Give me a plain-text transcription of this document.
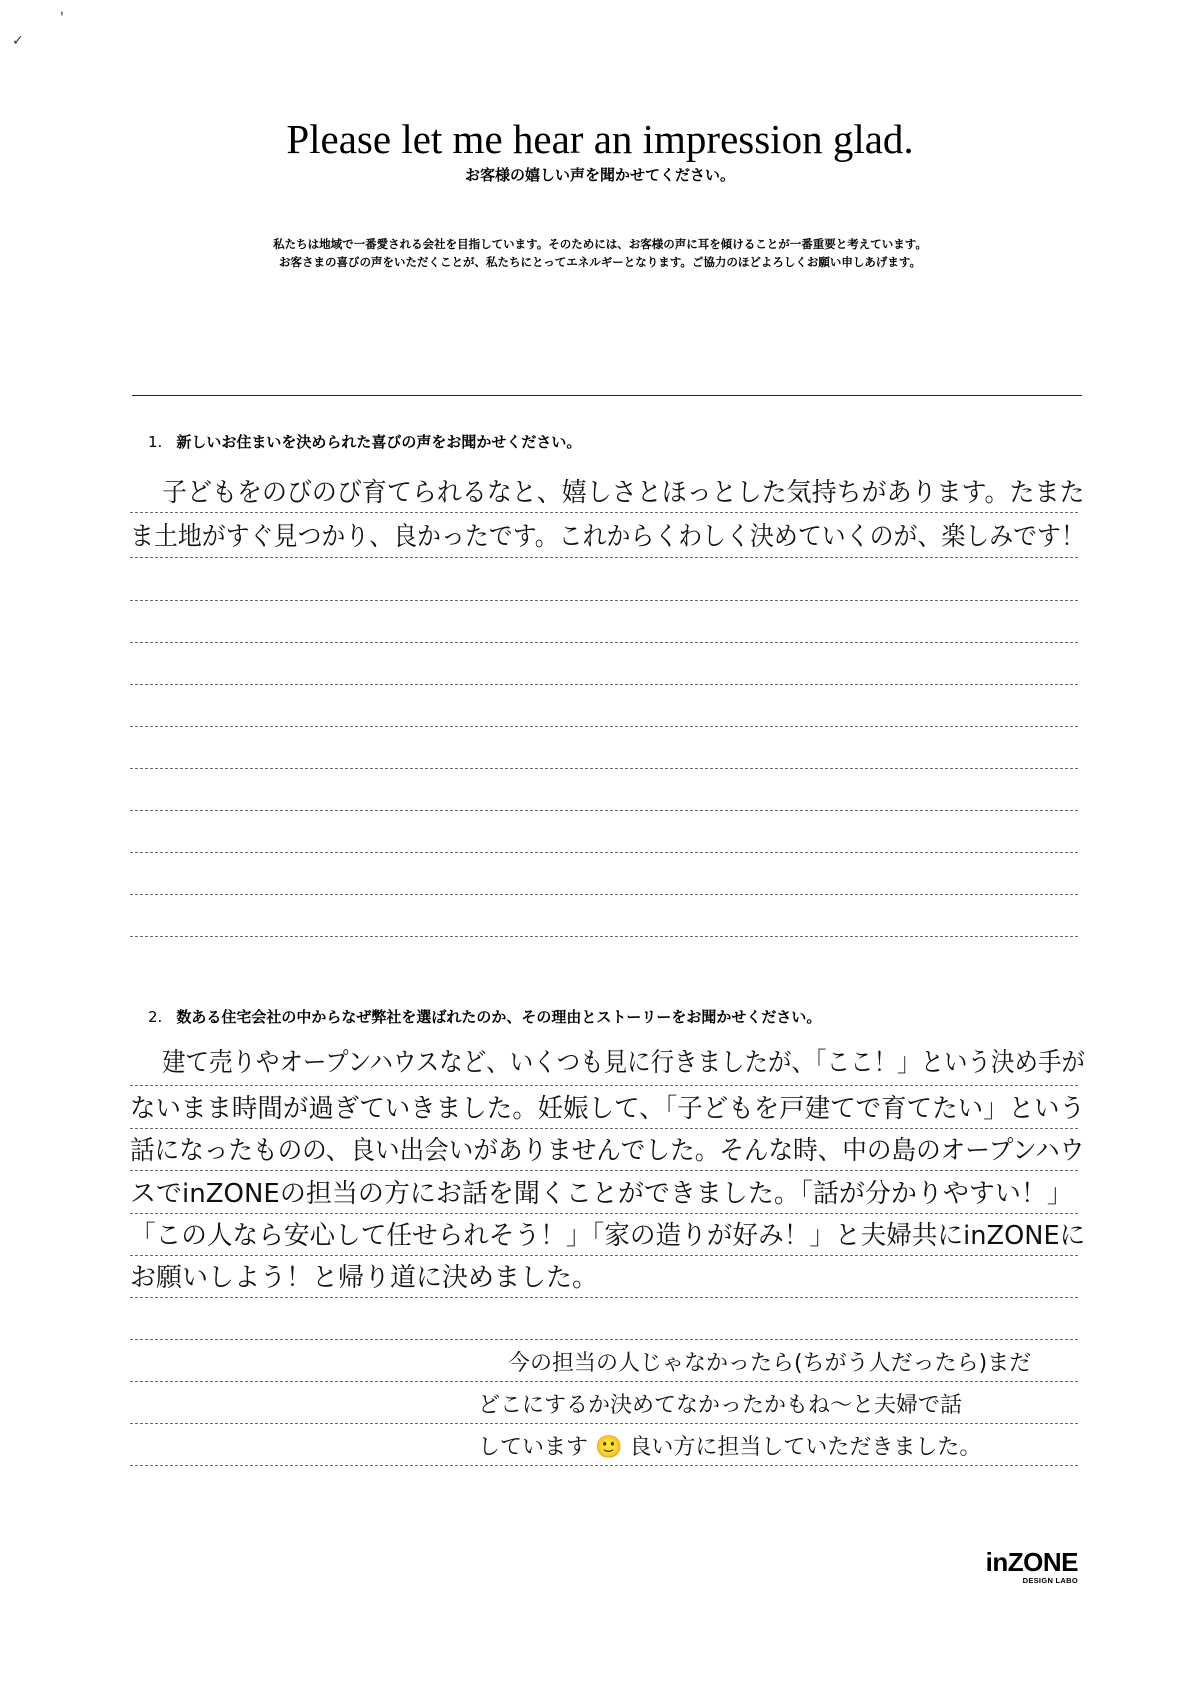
✓
'
Please let me hear an impression glad.
お客様の嬉しい声を聞かせてください。
私たちは地域で一番愛される会社を目指しています。そのためには、お客様の声に耳を傾けることが一番重要と考えています。
お客さまの喜びの声をいただくことが、私たちにとってエネルギーとなります。ご協力のほどよろしくお願い申しあげます。
1. 新しいお住まいを決められた喜びの声をお聞かせください。
子どもをのびのび育てられるなと、嬉しさとほっとした気持ちがあります。たまた
ま土地がすぐ見つかり、良かったです。これからくわしく決めていくのが、楽しみです！
2. 数ある住宅会社の中からなぜ弊社を選ばれたのか、その理由とストーリーをお聞かせください。
建て売りやオープンハウスなど、いくつも見に行きましたが、「ここ！」という決め手が
ないまま時間が過ぎていきました。妊娠して、「子どもを戸建てで育てたい」という
話になったものの、良い出会いがありませんでした。そんな時、中の島のオープンハウ
スでinZONEの担当の方にお話を聞くことができました。「話が分かりやすい！」
「この人なら安心して任せられそう！」「家の造りが好み！」と夫婦共にinZONEに
お願いしよう！と帰り道に決めました。
今の担当の人じゃなかったら(ちがう人だったら)まだ
どこにするか決めてなかったかもね～と夫婦で話
しています 🙂 良い方に担当していただきました。
inZONE
DESIGN LABO
